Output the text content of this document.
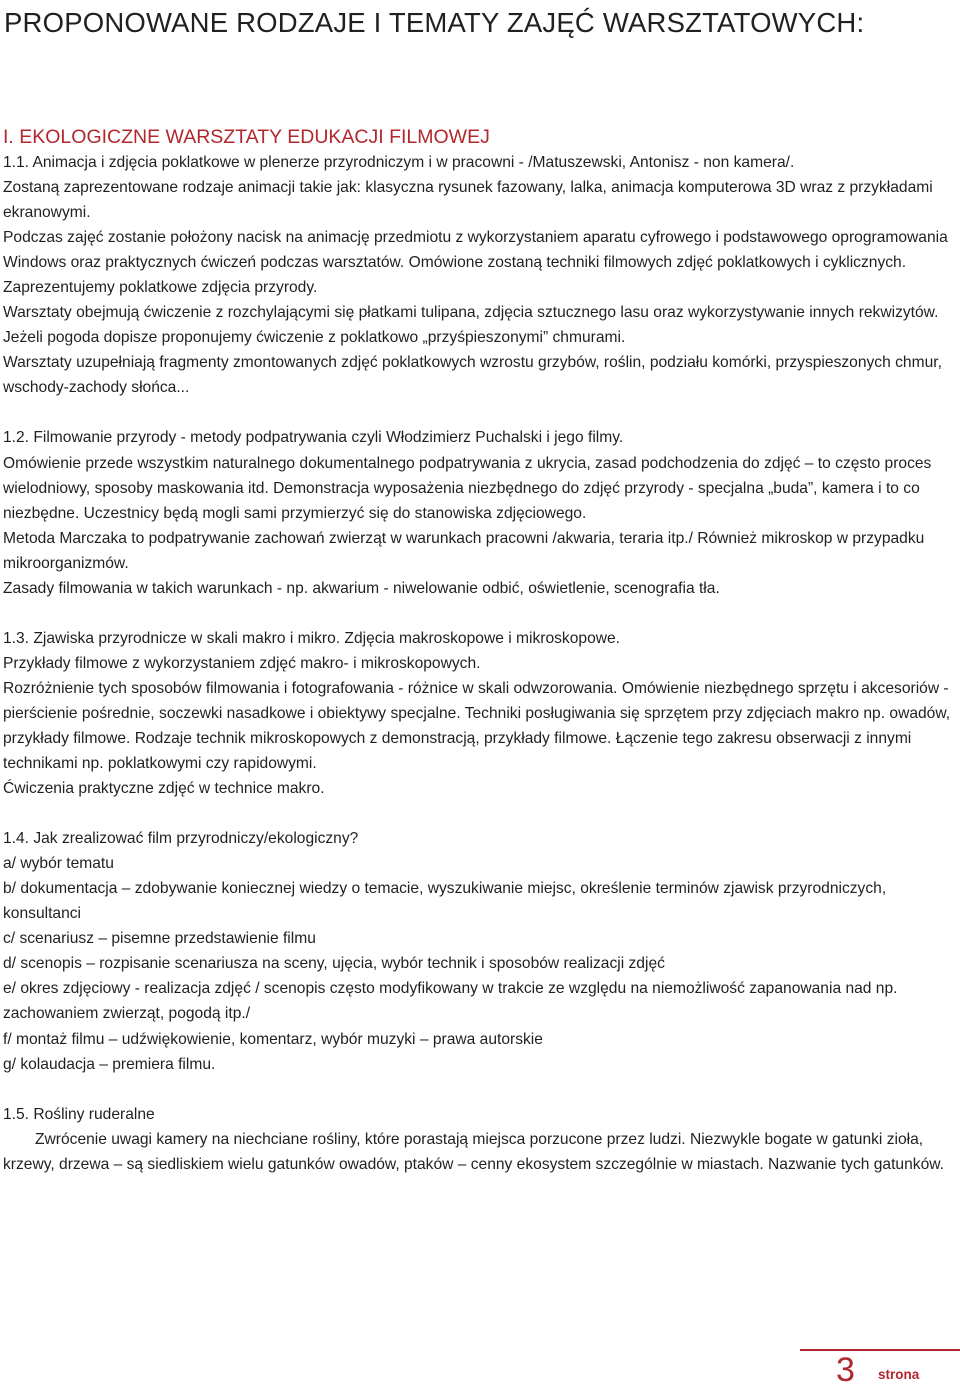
PROPONOWANE RODZAJE I TEMATY ZAJĘĆ WARSZTATOWYCH:

I. EKOLOGICZNE WARSZTATY EDUKACJI FILMOWEJ

1.1. Animacja i zdjęcia poklatkowe w plenerze przyrodniczym i w pracowni - /Matuszewski, Antonisz - non kamera/.

Zostaną zaprezentowane rodzaje animacji takie jak: klasyczna rysunek fazowany, lalka, animacja komputerowa 3D wraz z przykładami ekranowymi.

Podczas zajęć zostanie położony nacisk na animację przedmiotu z wykorzystaniem aparatu cyfrowego i podstawowego oprogramowania Windows oraz praktycznych ćwiczeń podczas warsztatów. Omówione zostaną techniki filmowych zdjęć poklatkowych i cyklicznych.

Zaprezentujemy poklatkowe zdjęcia przyrody.

Warsztaty obejmują ćwiczenie z rozchylającymi się płatkami tulipana, zdjęcia sztucznego lasu oraz wykorzystywanie innych rekwizytów.

Jeżeli pogoda dopisze proponujemy ćwiczenie z poklatkowo „przyśpieszonymi” chmurami.

Warsztaty uzupełniają fragmenty zmontowanych zdjęć poklatkowych wzrostu grzybów, roślin, podziału komórki, przyspieszonych chmur, wschody-zachody słońca...

1.2. Filmowanie przyrody - metody podpatrywania czyli Włodzimierz Puchalski i jego filmy.

Omówienie przede wszystkim naturalnego dokumentalnego podpatrywania z ukrycia, zasad podchodzenia do zdjęć – to często proces wielodniowy, sposoby maskowania itd. Demonstracja wyposażenia niezbędnego do zdjęć przyrody - specjalna „buda”, kamera i to co niezbędne. Uczestnicy będą mogli sami przymierzyć się do stanowiska zdjęciowego.

Metoda Marczaka to podpatrywanie zachowań zwierząt w warunkach pracowni /akwaria, teraria itp./ Również mikroskop w przypadku mikroorganizmów.

Zasady filmowania w takich warunkach - np. akwarium - niwelowanie odbić, oświetlenie, scenografia tła.

1.3. Zjawiska przyrodnicze w skali makro i mikro. Zdjęcia makroskopowe i mikroskopowe.

Przykłady filmowe z wykorzystaniem zdjęć makro- i mikroskopowych.

Rozróżnienie tych sposobów filmowania i fotografowania - różnice w skali odwzorowania. Omówienie niezbędnego sprzętu i akcesoriów - pierścienie pośrednie, soczewki nasadkowe i obiektywy specjalne. Techniki posługiwania się sprzętem przy zdjęciach makro np. owadów, przykłady filmowe. Rodzaje technik mikroskopowych z demonstracją, przykłady filmowe. Łączenie tego zakresu obserwacji z innymi technikami np. poklatkowymi czy rapidowymi.

Ćwiczenia praktyczne zdjęć w technice makro.

1.4. Jak zrealizować film przyrodniczy/ekologiczny?

a/ wybór tematu

b/ dokumentacja – zdobywanie koniecznej wiedzy o temacie, wyszukiwanie miejsc, określenie terminów zjawisk przyrodniczych, konsultanci

c/ scenariusz – pisemne przedstawienie filmu

d/ scenopis – rozpisanie scenariusza na sceny, ujęcia, wybór technik i sposobów realizacji zdjęć

e/ okres zdjęciowy - realizacja zdjęć / scenopis często modyfikowany w trakcie ze względu na niemożliwość zapanowania nad np. zachowaniem zwierząt, pogodą itp./

f/ montaż filmu – udźwiękowienie, komentarz, wybór muzyki – prawa autorskie

g/ kolaudacja – premiera filmu.

1.5. Rośliny ruderalne

Zwrócenie uwagi kamery na niechciane rośliny, które porastają miejsca porzucone przez ludzi. Niezwykle bogate w gatunki zioła, krzewy, drzewa – są siedliskiem wielu gatunków owadów, ptaków – cenny ekosystem szczególnie w miastach. Nazwanie tych gatunków.

3 strona
